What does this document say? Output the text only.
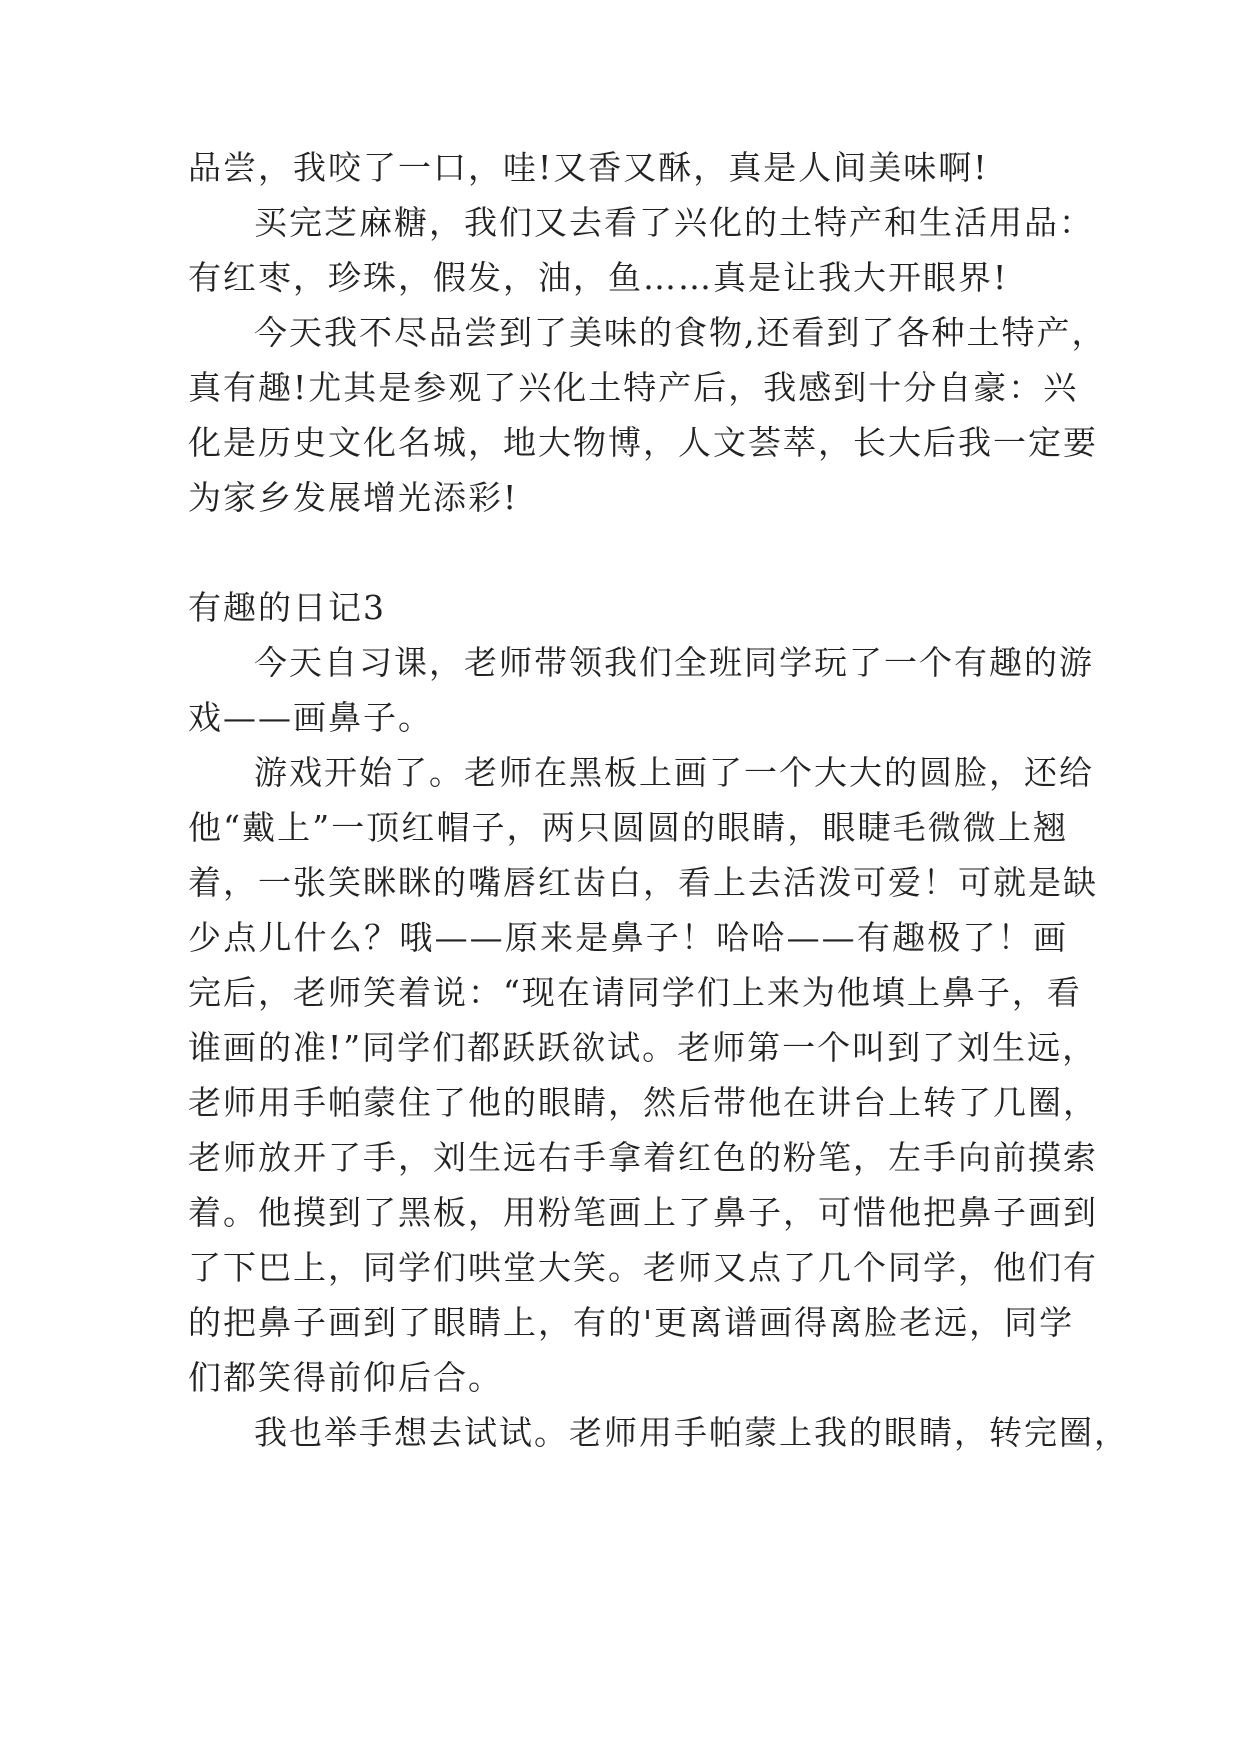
品尝，我咬了一口，哇!又香又酥，真是人间美味啊!
买完芝麻糖，我们又去看了兴化的土特产和生活用品：
有红枣，珍珠，假发，油，鱼……真是让我大开眼界!
今天我不尽品尝到了美味的食物,还看到了各种土特产，
真有趣!尤其是参观了兴化土特产后，我感到十分自豪：兴
化是历史文化名城，地大物博，人文荟萃，长大后我一定要
为家乡发展增光添彩!
有趣的日记3
今天自习课，老师带领我们全班同学玩了一个有趣的游
戏——画鼻子。
游戏开始了。老师在黑板上画了一个大大的圆脸，还给
他“戴上”一顶红帽子，两只圆圆的眼睛，眼睫毛微微上翘
着，一张笑眯眯的嘴唇红齿白，看上去活泼可爱！可就是缺
少点儿什么？哦——原来是鼻子！哈哈——有趣极了！画
完后，老师笑着说：“现在请同学们上来为他填上鼻子，看
谁画的准!”同学们都跃跃欲试。老师第一个叫到了刘生远，
老师用手帕蒙住了他的眼睛，然后带他在讲台上转了几圈，
老师放开了手，刘生远右手拿着红色的粉笔，左手向前摸索
着。他摸到了黑板，用粉笔画上了鼻子，可惜他把鼻子画到
了下巴上，同学们哄堂大笑。老师又点了几个同学，他们有
的把鼻子画到了眼睛上，有的'更离谱画得离脸老远，同学
们都笑得前仰后合。
我也举手想去试试。老师用手帕蒙上我的眼睛，转完圈，
